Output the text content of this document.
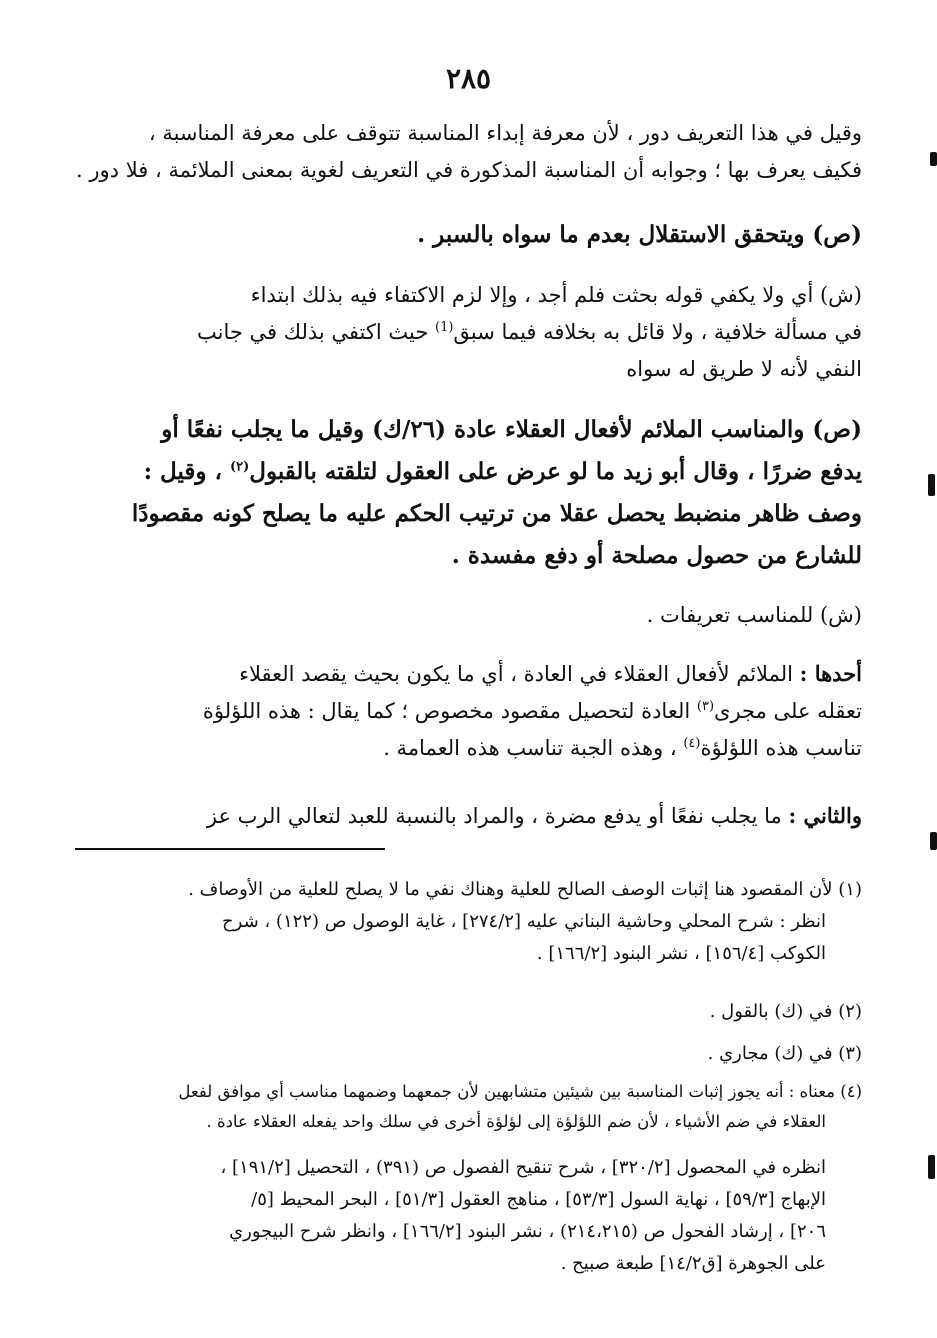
٢٨٥
وقيل في هذا التعريف دور ، لأن معرفة إبداء المناسبة تتوقف على معرفة المناسبة ،
فكيف يعرف بها ؛ وجوابه أن المناسبة المذكورة في التعريف لغوية بمعنى الملائمة ، فلا دور .
(ص) ويتحقق الاستقلال بعدم ما سواه بالسبر .
(ش) أي ولا يكفي قوله بحثت فلم أجد ، وإلا لزم الاكتفاء فيه بذلك ابتداء
في مسألة خلافية ، ولا قائل به بخلافه فيما سبق$^{(1)}$ حيث اكتفي بذلك في جانب
النفي لأنه لا طريق له سواه
(ص) والمناسب الملائم لأفعال العقلاء عادة (٢٦/ك) وقيل ما يجلب نفعًا أو
يدفع ضررًا ، وقال أبو زيد ما لو عرض على العقول لتلقته بالقبول$^{(٢)}$ ، وقيل :
وصف ظاهر منضبط يحصل عقلا من ترتيب الحكم عليه ما يصلح كونه مقصودًا
للشارع من حصول مصلحة أو دفع مفسدة .
(ش) للمناسب تعريفات .
أحدها : الملائم لأفعال العقلاء في العادة ، أي ما يكون بحيث يقصد العقلاء
تعقله على مجرى$^{(٣)}$ العادة لتحصيل مقصود مخصوص ؛ كما يقال : هذه اللؤلؤة
تناسب هذه اللؤلؤة$^{(٤)}$ ، وهذه الجبة تناسب هذه العمامة .
والثاني : ما يجلب نفعًا أو يدفع مضرة ، والمراد بالنسبة للعبد لتعالي الرب عز
(١) لأن المقصود هنا إثبات الوصف الصالح للعلية وهناك نفي ما لا يصلح للعلية من الأوصاف .
انظر : شرح المحلي وحاشية البناني عليه [٢٧٤/٢] ، غاية الوصول ص (١٢٢) ، شرح
الكوكب [١٥٦/٤] ، نشر البنود [١٦٦/٢] .
(٢) في (ك) بالقول .
(٣) في (ك) مجاري .
(٤) معناه : أنه يجوز إثبات المناسبة بين شيئين متشابهين لأن جمعهما وضمهما مناسب أي موافق لفعل
العقلاء في ضم الأشياء ، لأن ضم اللؤلؤة إلى لؤلؤة أخرى في سلك واحد يفعله العقلاء عادة .
انظره في المحصول [٣٢٠/٢] ، شرح تنقيح الفصول ص (٣٩١) ، التحصيل [١٩١/٢] ،
الإبهاج [٥٩/٣] ، نهاية السول [٥٣/٣] ، مناهج العقول [٥١/٣] ، البحر المحيط [٥/
٢٠٦] ، إرشاد الفحول ص (٢١٤،٢١٥) ، نشر البنود [١٦٦/٢] ، وانظر شرح البيجوري
على الجوهرة [ق١٤/٢] طبعة صبيح .
